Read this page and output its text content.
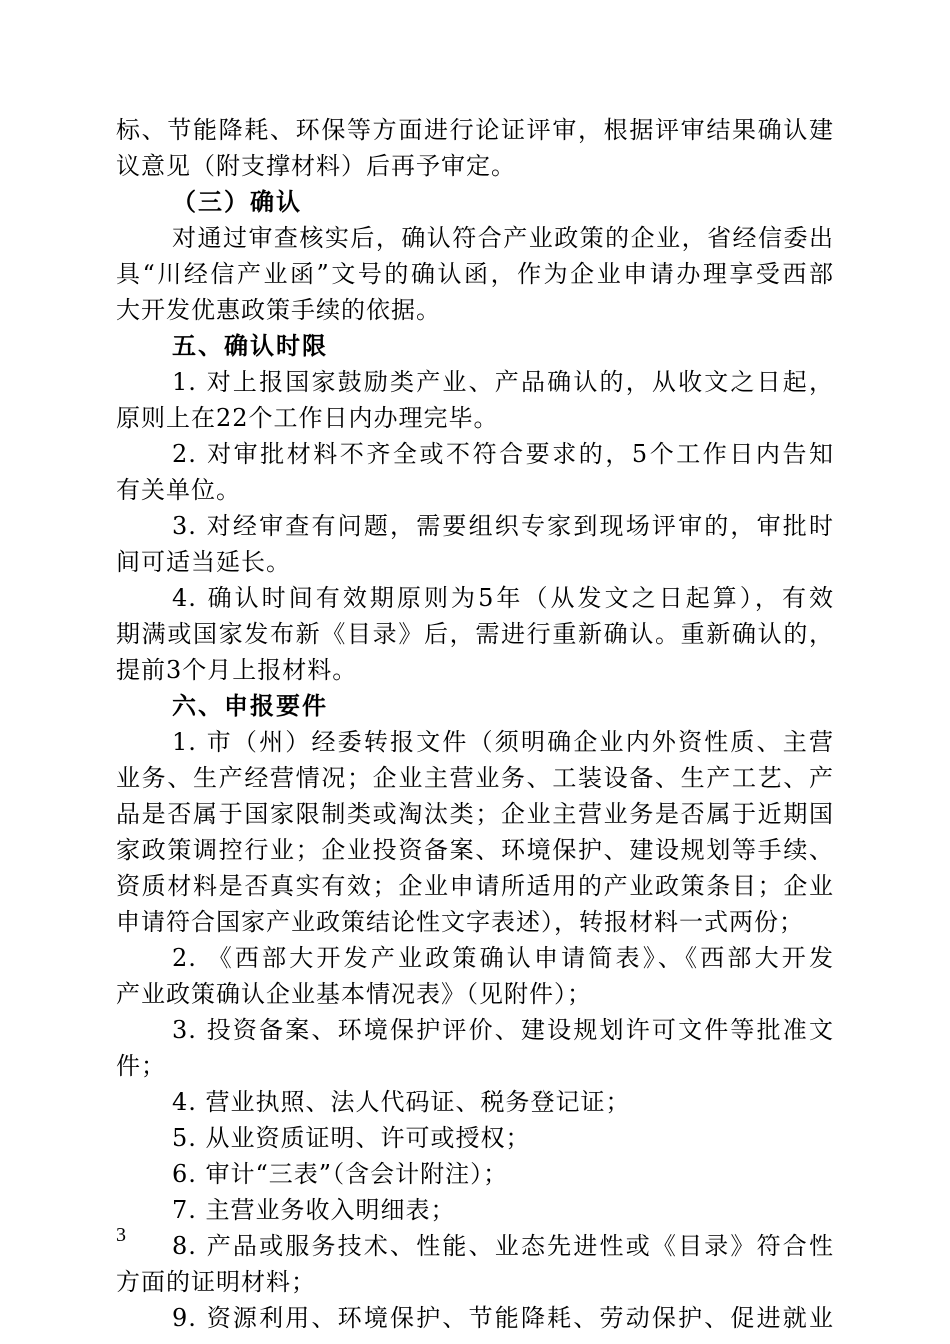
标、节能降耗、环保等方面进行论证评审，根据评审结果确认建
议意见（附支撑材料）后再予审定。
（三）确认
对通过审查核实后，确认符合产业政策的企业，省经信委出
具“川经信产业函”文号的确认函，作为企业申请办理享受西部
大开发优惠政策手续的依据。
五、确认时限
1. 对上报国家鼓励类产业、产品确认的，从收文之日起，
原则上在22个工作日内办理完毕。
2. 对审批材料不齐全或不符合要求的，5个工作日内告知
有关单位。
3. 对经审查有问题，需要组织专家到现场评审的，审批时
间可适当延长。
4. 确认时间有效期原则为5年（从发文之日起算），有效
期满或国家发布新《目录》后，需进行重新确认。重新确认的，
提前3个月上报材料。
六、申报要件
1. 市（州）经委转报文件（须明确企业内外资性质、主营
业务、生产经营情况；企业主营业务、工装设备、生产工艺、产
品是否属于国家限制类或淘汰类；企业主营业务是否属于近期国
家政策调控行业；企业投资备案、环境保护、建设规划等手续、
资质材料是否真实有效；企业申请所适用的产业政策条目；企业
申请符合国家产业政策结论性文字表述），转报材料一式两份；
2. 《西部大开发产业政策确认申请简表》、《西部大开发
产业政策确认企业基本情况表》（见附件）；
3. 投资备案、环境保护评价、建设规划许可文件等批准文
件；
4. 营业执照、法人代码证、税务登记证；
5. 从业资质证明、许可或授权；
6. 审计“三表”（含会计附注）；
7. 主营业务收入明细表；
8. 产品或服务技术、性能、业态先进性或《目录》符合性
方面的证明材料；
9. 资源利用、环境保护、节能降耗、劳动保护、促进就业
3
